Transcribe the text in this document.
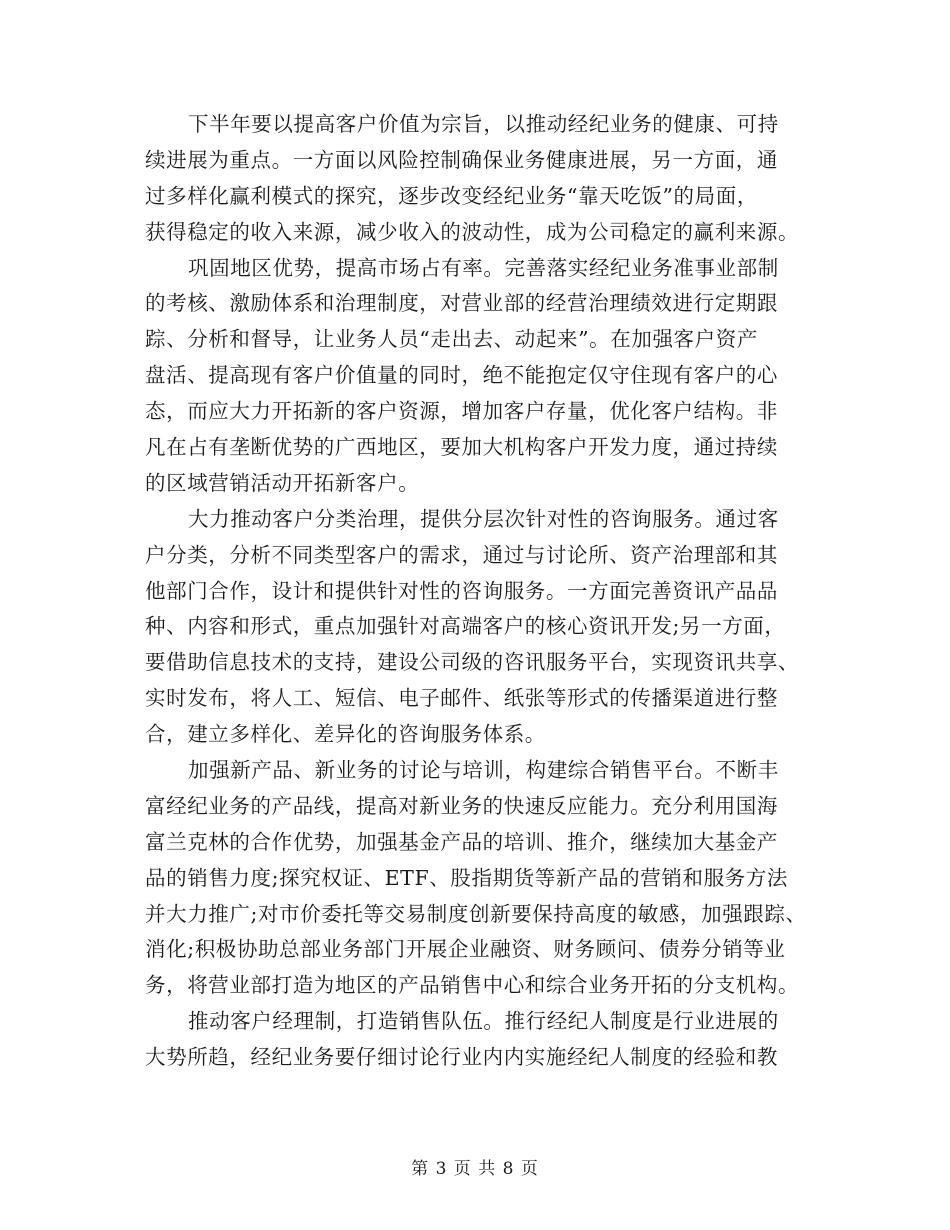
下半年要以提高客户价值为宗旨，以推动经纪业务的健康、可持
续进展为重点。一方面以风险控制确保业务健康进展，另一方面，通
过多样化赢利模式的探究，逐步改变经纪业务“靠天吃饭”的局面，
获得稳定的收入来源，减少收入的波动性，成为公司稳定的赢利来源。
巩固地区优势，提高市场占有率。完善落实经纪业务准事业部制
的考核、激励体系和治理制度，对营业部的经营治理绩效进行定期跟
踪、分析和督导，让业务人员“走出去、动起来”。在加强客户资产
盘活、提高现有客户价值量的同时，绝不能抱定仅守住现有客户的心
态，而应大力开拓新的客户资源，增加客户存量，优化客户结构。非
凡在占有垄断优势的广西地区，要加大机构客户开发力度，通过持续
的区域营销活动开拓新客户。
大力推动客户分类治理，提供分层次针对性的咨询服务。通过客
户分类，分析不同类型客户的需求，通过与讨论所、资产治理部和其
他部门合作，设计和提供针对性的咨询服务。一方面完善资讯产品品
种、内容和形式，重点加强针对高端客户的核心资讯开发;另一方面，
要借助信息技术的支持，建设公司级的咨讯服务平台，实现资讯共享、
实时发布，将人工、短信、电子邮件、纸张等形式的传播渠道进行整
合，建立多样化、差异化的咨询服务体系。
加强新产品、新业务的讨论与培训，构建综合销售平台。不断丰
富经纪业务的产品线，提高对新业务的快速反应能力。充分利用国海
富兰克林的合作优势，加强基金产品的培训、推介，继续加大基金产
品的销售力度;探究权证、ETF、股指期货等新产品的营销和服务方法
并大力推广;对市价委托等交易制度创新要保持高度的敏感，加强跟踪、
消化;积极协助总部业务部门开展企业融资、财务顾问、债券分销等业
务，将营业部打造为地区的产品销售中心和综合业务开拓的分支机构。
推动客户经理制，打造销售队伍。推行经纪人制度是行业进展的
大势所趋，经纪业务要仔细讨论行业内内实施经纪人制度的经验和教
第 3 页 共 8 页
